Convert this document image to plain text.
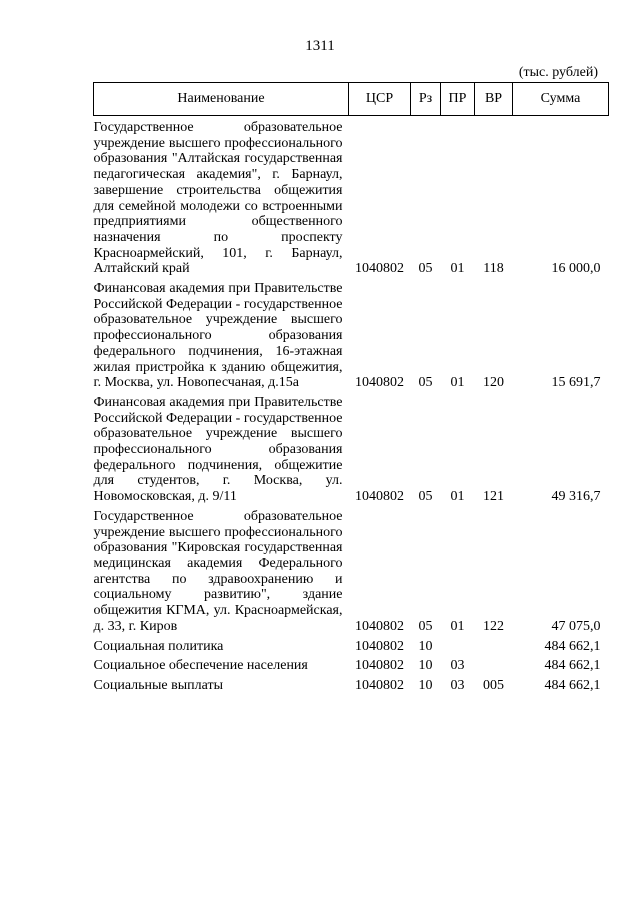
1311
(тыс. рублей)
Наименование	ЦСР	Рз	ПР	ВР	Сумма
Государственное образовательное учреждение высшего профессионального образования "Алтайская государственная педагогическая академия", г. Барнаул, завершение строительства общежития для семейной молодежи со встроенными предприятиями общественного назначения по проспекту Красноармейский, 101, г. Барнаул, Алтайский край	1040802	05	01	118	16 000,0
Финансовая академия при Правительстве Российской Федерации - государственное образовательное учреждение высшего профессионального образования федерального подчинения, 16-этажная жилая пристройка к зданию общежития, г. Москва, ул. Новопесчаная, д.15а	1040802	05	01	120	15 691,7
Финансовая академия при Правительстве Российской Федерации - государственное образовательное учреждение высшего профессионального образования федерального подчинения, общежитие для студентов, г. Москва, ул. Новомосковская, д. 9/11	1040802	05	01	121	49 316,7
Государственное образовательное учреждение высшего профессионального образования "Кировская государственная медицинская академия Федерального агентства по здравоохранению и социальному развитию", здание общежития КГМА, ул. Красноармейская, д. 33, г. Киров	1040802	05	01	122	47 075,0
Социальная политика	1040802	10			484 662,1
Социальное обеспечение населения	1040802	10	03		484 662,1
Социальные выплаты	1040802	10	03	005	484 662,1
